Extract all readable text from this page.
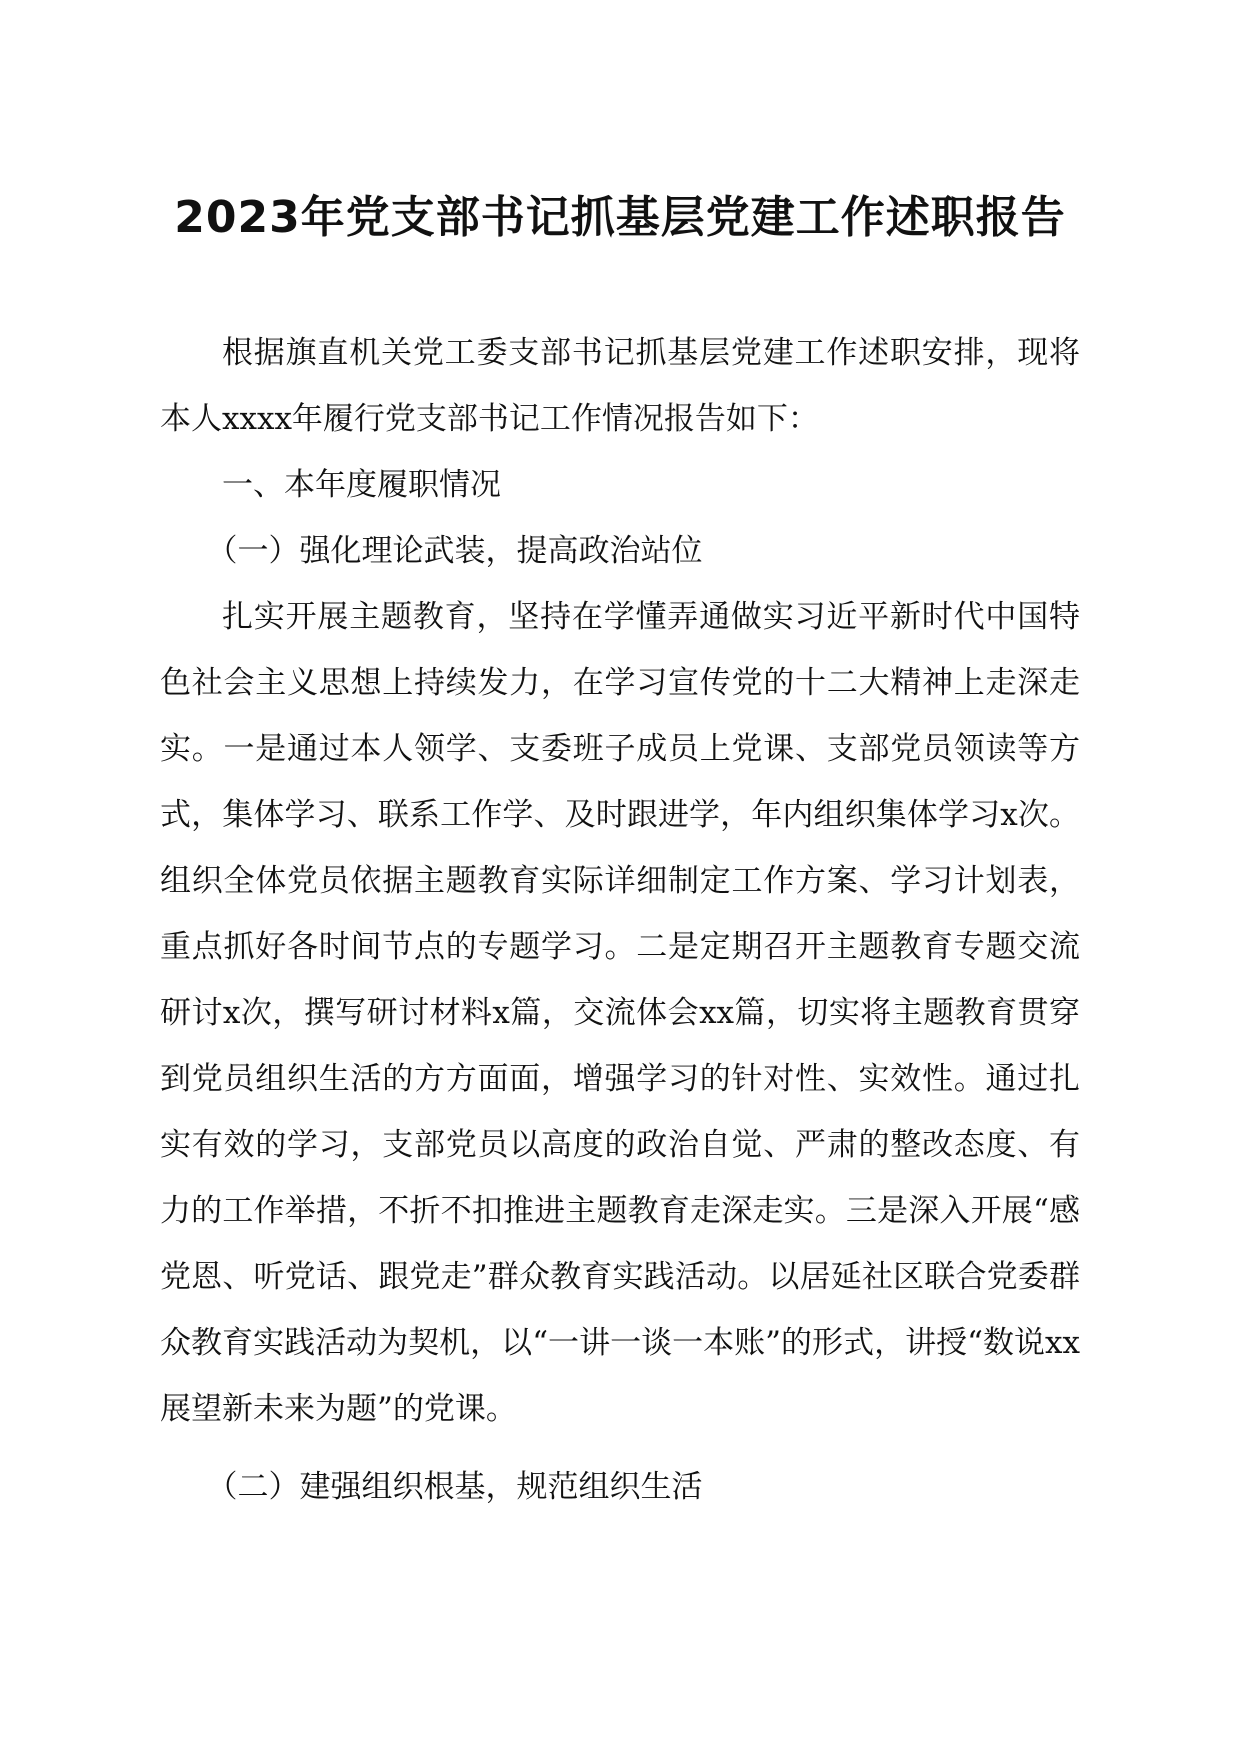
2023年党支部书记抓基层党建工作述职报告

根据旗直机关党工委支部书记抓基层党建工作述职安排，现将本人xxxx年履行党支部书记工作情况报告如下：

一、本年度履职情况

（一）强化理论武装，提高政治站位

扎实开展主题教育，坚持在学懂弄通做实习近平新时代中国特色社会主义思想上持续发力，在学习宣传党的十二大精神上走深走实。一是通过本人领学、支委班子成员上党课、支部党员领读等方式，集体学习、联系工作学、及时跟进学，年内组织集体学习x次。组织全体党员依据主题教育实际详细制定工作方案、学习计划表，重点抓好各时间节点的专题学习。二是定期召开主题教育专题交流研讨x次，撰写研讨材料x篇，交流体会xx篇，切实将主题教育贯穿到党员组织生活的方方面面，增强学习的针对性、实效性。通过扎实有效的学习，支部党员以高度的政治自觉、严肃的整改态度、有力的工作举措，不折不扣推进主题教育走深走实。三是深入开展“感党恩、听党话、跟党走”群众教育实践活动。以居延社区联合党委群众教育实践活动为契机，以“一讲一谈一本账”的形式，讲授“数说xx展望新未来为题”的党课。

（二）建强组织根基，规范组织生活
